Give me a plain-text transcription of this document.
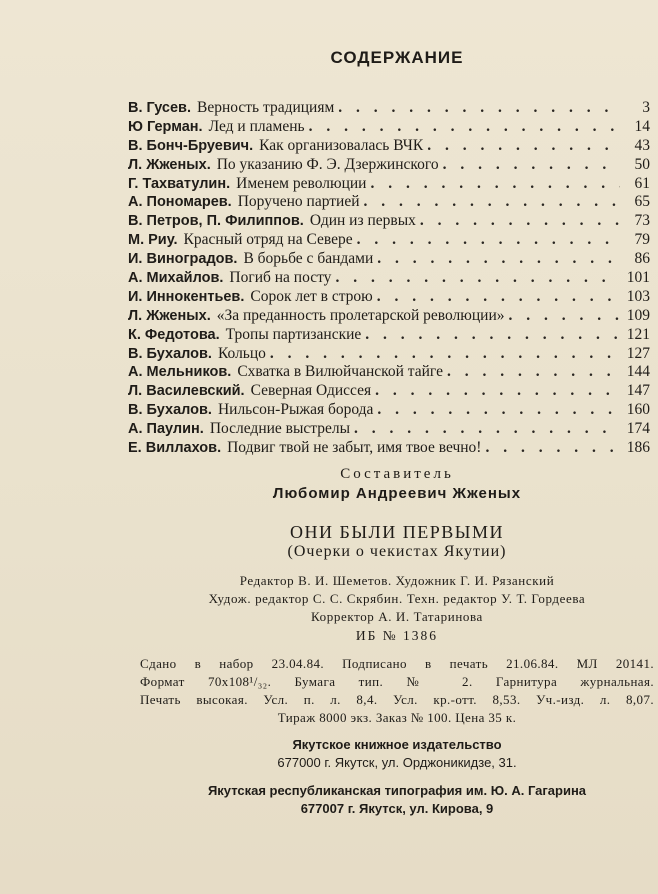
СОДЕРЖАНИЕ
В. Гусев. Верность традициям . . .	3
Ю Герман. Лед и пламень . . .	14
В. Бонч-Бруевич. Как организовалась ВЧК . . .	43
Л. Жженых. По указанию Ф. Э. Дзержинского . . .	50
Г. Тахватулин. Именем революции . . .	61
А. Пономарев. Поручено партией . . .	65
В. Петров, П. Филиппов. Один из первых . . .	73
М. Риу. Красный отряд на Севере . . .	79
И. Виноградов. В борьбе с бандами . . .	86
А. Михайлов. Погиб на посту . . .	101
И. Иннокентьев. Сорок лет в строю . . .	103
Л. Жженых. «За преданность пролетарской революции» . . .	109
К. Федотова. Тропы партизанские . . .	121
В. Бухалов. Кольцо . . .	127
А. Мельников. Схватка в Вилюйчанской тайге . . .	144
Л. Василевский. Северная Одиссея . . .	147
В. Бухалов. Нильсон-Рыжая борода . . .	160
А. Паулин. Последние выстрелы . . .	174
Е. Виллахов. Подвиг твой не забыт, имя твое вечно! . . .	186
Составитель
Любомир Андреевич Жженых
ОНИ БЫЛИ ПЕРВЫМИ
(Очерки о чекистах Якутии)
Редактор В. И. Шеметов. Художник Г. И. Рязанский
Худож. редактор С. С. Скрябин. Техн. редактор У. Т. Гордеева
Корректор А. И. Татаринова
ИБ № 1386
Сдано в набор 23.04.84. Подписано в печать 21.06.84. МЛ 20141.
Формат 70x108¹/₃₂. Бумага тип. № 2. Гарнитура журнальная.
Печать высокая. Усл. п. л. 8,4. Усл. кр.-отт. 8,53. Уч.-изд. л. 8,07.
Тираж 8000 экз. Заказ № 100. Цена 35 к.
Якутское книжное издательство
677000 г. Якутск, ул. Орджоникидзе, 31.
Якутская республиканская типография им. Ю. А. Гагарина
677007 г. Якутск, ул. Кирова, 9
